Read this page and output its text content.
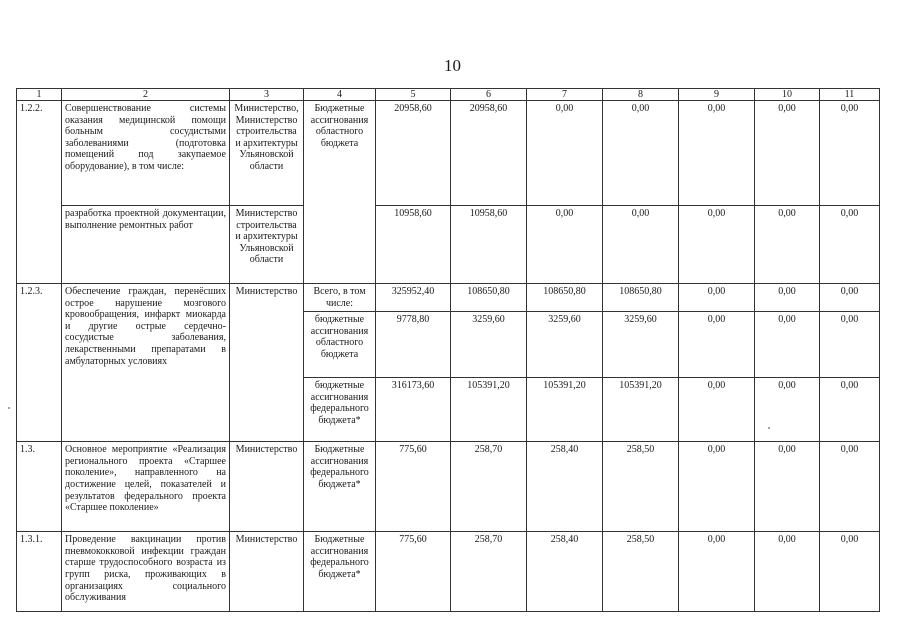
10
1	2	3	4	5	6	7	8	9	10	11
1.2.2.	Совершенствование системы оказания медицинской помощи больным сосудистыми заболеваниями (подготовка помещений под закупаемое оборудование), в том числе:	Министерство, Министерство строительства и архитектуры Ульяновской области	Бюджетные ассигнования областного бюджета	20958,60	20958,60	0,00	0,00	0,00	0,00	0,00
	разработка проектной документации, выполнение ремонтных работ	Министерство строительства и архитектуры Ульяновской области		10958,60	10958,60	0,00	0,00	0,00	0,00	0,00
1.2.3.	Обеспечение граждан, перенёсших острое нарушение мозгового кровообращения, инфаркт миокарда и другие острые сердечно-сосудистые заболевания, лекарственными препаратами в амбулаторных условиях	Министерство	Всего, в том числе:	325952,40	108650,80	108650,80	108650,80	0,00	0,00	0,00
			бюджетные ассигнования областного бюджета	9778,80	3259,60	3259,60	3259,60	0,00	0,00	0,00
			бюджетные ассигнования федерального бюджета*	316173,60	105391,20	105391,20	105391,20	0,00	0,00	0,00
1.3.	Основное мероприятие «Реализация регионального проекта «Старшее поколение», направленного на достижение целей, показателей и результатов федерального проекта «Старшее поколение»	Министерство	Бюджетные ассигнования федерального бюджета*	775,60	258,70	258,40	258,50	0,00	0,00	0,00
1.3.1.	Проведение вакцинации против пневмококковой инфекции граждан старше трудоспособного возраста из групп риска, проживающих в организациях социального обслуживания	Министерство	Бюджетные ассигнования федерального бюджета*	775,60	258,70	258,40	258,50	0,00	0,00	0,00
